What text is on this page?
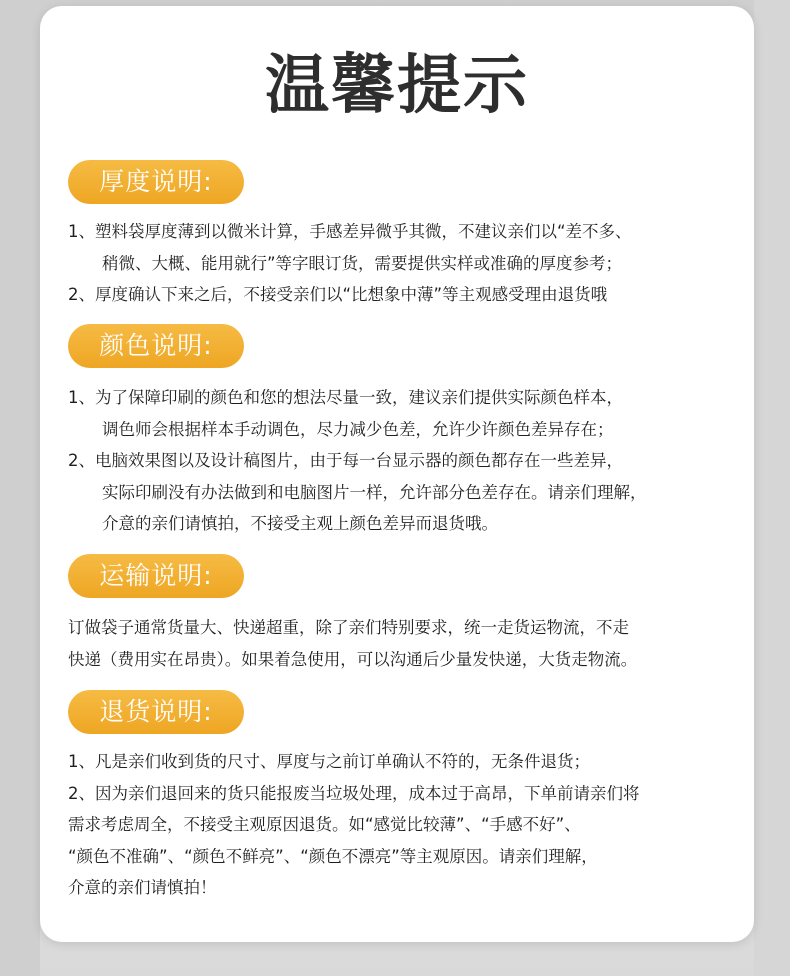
温馨提示
厚度说明:
1、塑料袋厚度薄到以微米计算，手感差异微乎其微，不建议亲们以“差不多、
稍微、大概、能用就行”等字眼订货，需要提供实样或准确的厚度参考；
2、厚度确认下来之后，不接受亲们以“比想象中薄”等主观感受理由退货哦
颜色说明:
1、为了保障印刷的颜色和您的想法尽量一致，建议亲们提供实际颜色样本，
调色师会根据样本手动调色，尽力减少色差，允许少许颜色差异存在；
2、电脑效果图以及设计稿图片，由于每一台显示器的颜色都存在一些差异，
实际印刷没有办法做到和电脑图片一样，允许部分色差存在。请亲们理解，
介意的亲们请慎拍，不接受主观上颜色差异而退货哦。
运输说明:
订做袋子通常货量大、快递超重，除了亲们特别要求，统一走货运物流，不走
快递（费用实在昂贵）。如果着急使用，可以沟通后少量发快递，大货走物流。
退货说明:
1、凡是亲们收到货的尺寸、厚度与之前订单确认不符的，无条件退货；
2、因为亲们退回来的货只能报废当垃圾处理，成本过于高昂，下单前请亲们将
需求考虑周全，不接受主观原因退货。如“感觉比较薄”、“手感不好”、
“颜色不准确”、“颜色不鲜亮”、“颜色不漂亮”等主观原因。请亲们理解，
介意的亲们请慎拍！
